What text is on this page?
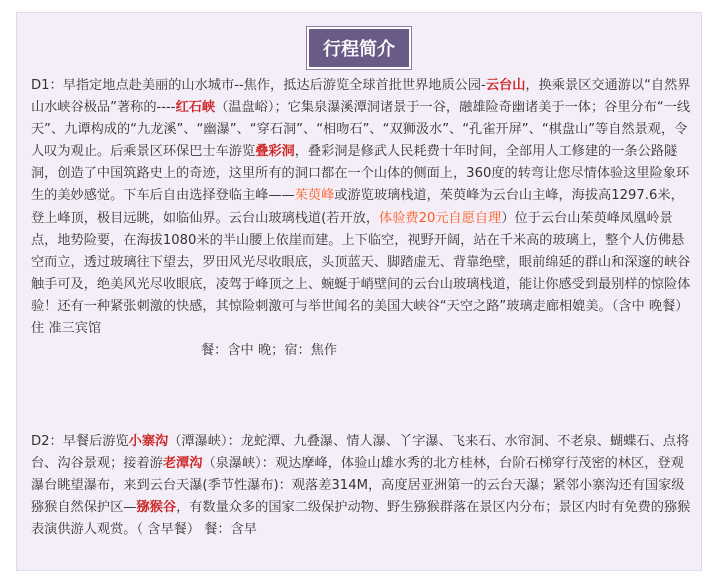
行程简介
D1：早指定地点赴美丽的山水城市--焦作，抵达后游览全球首批世界地质公园-云台山，换乘景区交通游以“自然界山水峡谷极品”著称的----红石峡（温盘峪）；它集泉瀑溪潭洞诸景于一谷，融雄险奇幽诸美于一体；谷里分布“一线天”、九谭构成的“九龙溪”、“幽瀑”、“穿石洞”、“相吻石”、“双狮汲水”、“孔雀开屏”、“棋盘山”等自然景观，令人叹为观止。后乘景区环保巴士车游览叠彩洞，叠彩洞是修武人民耗费十年时间，全部用人工修建的一条公路隧洞，创造了中国筑路史上的奇迹，这里所有的洞口都在一个山体的侧面上，360度的转弯让您尽情体验这里险象环生的美妙感觉。下车后自由选择登临主峰——茱萸峰或游览玻璃栈道，茱萸峰为云台山主峰，海拔高1297.6米，登上峰顶，极目远眺，如临仙界。云台山玻璃栈道(若开放，体验费20元自愿自理）位于云台山茱萸峰凤凰岭景点，地势险要，在海拔1080米的半山腰上依崖而建。上下临空，视野开阔，站在千米高的玻璃上，整个人仿佛悬空而立，透过玻璃往下望去，罗田风光尽收眼底，头顶蓝天、脚踏虚无、背靠绝壁，眼前绵延的群山和深邃的峡谷触手可及，绝美风光尽收眼底，凌驾于峰顶之上、蜿蜒于峭壁间的云台山玻璃栈道，能让你感受到最别样的惊险体验！还有一种紧张刺激的快感，其惊险刺激可与举世闻名的美国大峡谷“天空之路”玻璃走廊相媲美。（含中 晚餐） 住 准三宾馆
餐：含中 晚；宿：焦作
D2：早餐后游览小寨沟（潭瀑峡）：龙蛇潭、九叠瀑、情人瀑、丫字瀑、飞来石、水帘洞、不老泉、蝴蝶石、点将台、沟谷景观；接着游老潭沟（泉瀑峡）：观达摩峰，体验山雄水秀的北方桂林，台阶石梯穿行茂密的林区，登观瀑台眺望瀑布，来到云台天瀑(季节性瀑布)：观落差314M，高度居亚洲第一的云台天瀑；紧邻小寨沟还有国家级猕猴自然保护区—猕猴谷，有数量众多的国家二级保护动物、野生猕猴群落在景区内分布；景区内时有免费的猕猴表演供游人观赏。（ 含早餐） 餐：含早
